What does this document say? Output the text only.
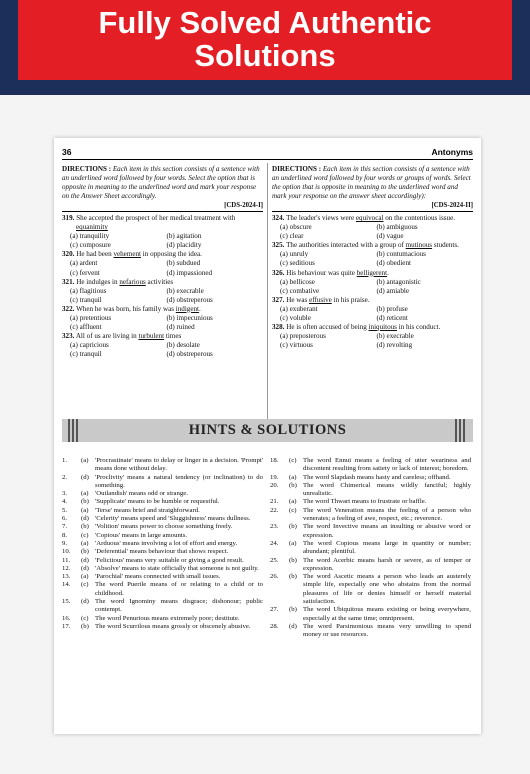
Fully Solved Authentic
Solutions
36	Antonyms
DIRECTIONS : Each item in this section consists of a sentence with an underlined word followed by four words. Select the option that is opposite in meaning to the underlined word and mark your response on the Answer Sheet accordingly.
[CDS-2024-I]
319. She accepted the prospect of her medical treatment with equanimity
(a) tranquility	(b) agitation
(c) composure	(d) placidity
320. He had been vehement in opposing the idea.
(a) ardent	(b) subdued
(c) fervent	(d) impassioned
321. He indulges in nefarious activities
(a) flagitious	(b) execrable
(c) tranquil	(d) obstreperous
322. When he was born, his family was indigent.
(a) pretentious	(b) impecunious
(c) affluent	(d) ruined
323. All of us are living in turbulent times
(a) capricious	(b) desolate
(c) tranquil	(d) obstreperous
DIRECTIONS : Each item in this section consists of a sentence with an underlined word followed by four words or groups of words. Select the option that is opposite in meaning to the underlined word and mark your response on the answer sheet accordingly):
[CDS-2024-II]
324. The leader's views were equivocal on the contentious issue.
(a) obscure	(b) ambiguous
(c) clear	(d) vague
325. The authorities interacted with a group of mutinous students.
(a) unruly	(b) contumacious
(c) seditious	(d) obedient
326. His behaviour was quite belligerent.
(a) bellicose	(b) antagonistic
(c) combative	(d) amiable
327. He was effusive in his praise.
(a) exuberant	(b) profuse
(c) voluble	(d) reticent
328. He is often accused of being iniquitous in his conduct.
(a) preposterous	(b) execrable
(c) virtuous	(d) revolting
HINTS & SOLUTIONS
1.	(a) 'Procrastinate' means to delay or linger in a decision. 'Prompt' means done without delay.
2.	(d) 'Proclivity' means a natural tendency (or inclination) to do something.
3.	(a) 'Outlandish' means odd or strange.
4.	(b) 'Supplicate' means to be humble or requestful.
5.	(a) 'Terse' means brief and straighforward.
6.	(d) 'Celerity' means speed and 'Sluggishness' means dullness.
7.	(b) 'Volition' means power to choose something freely.
8.	(c) 'Copious' means in large amounts.
9.	(a) 'Arduous' means involving a lot of effort and energy.
10.	(b) 'Deferential' means behaviour that shows respect.
11.	(d) 'Felicitous' means very suitable or giving a good result.
12.	(d) 'Absolve' means to state officially that someone is not guilty.
13.	(a) 'Parochial' means connected with small issues.
14.	(c) The word Puerile means of or relating to a child or to childhood.
15.	(d) The word Ignominy means disgrace; dishonour; public contempt.
16.	(c) The word Penurious means extremely poor; destitute.
17.	(b) The word Scurrilous means grossly or obscenely abusive.
18.	(c) The word Ennui means a feeling of utter weariness and discontent resulting from satiety or lack of interest; boredom.
19.	(a) The word Slapdash means hasty and careless; offhand.
20.	(b) The word Chimerical means wildly fanciful; highly unrealistic.
21.	(a) The word Thwart means to frustrate or baffle.
22.	(c) The word Veneration means the feeling of a person who venerates; a feeling of awe, respect, etc.; reverence.
23.	(b) The word Invective means an insulting or abusive word or expression.
24.	(a) The word Copious means large in quantity or number; abundant; plentiful.
25.	(b) The word Acerbic means harsh or severe, as of temper or expression.
26.	(b) The word Ascetic means a person who leads an austerely simple life, especially one who abstains from the normal pleasures of life or denies himself or herself material satisfaction.
27.	(b) The word Ubiquitous means existing or being everywhere, especially at the same time; omnipresent.
28.	(d) The word Parsimonious means very unwilling to spend money or use resources.
